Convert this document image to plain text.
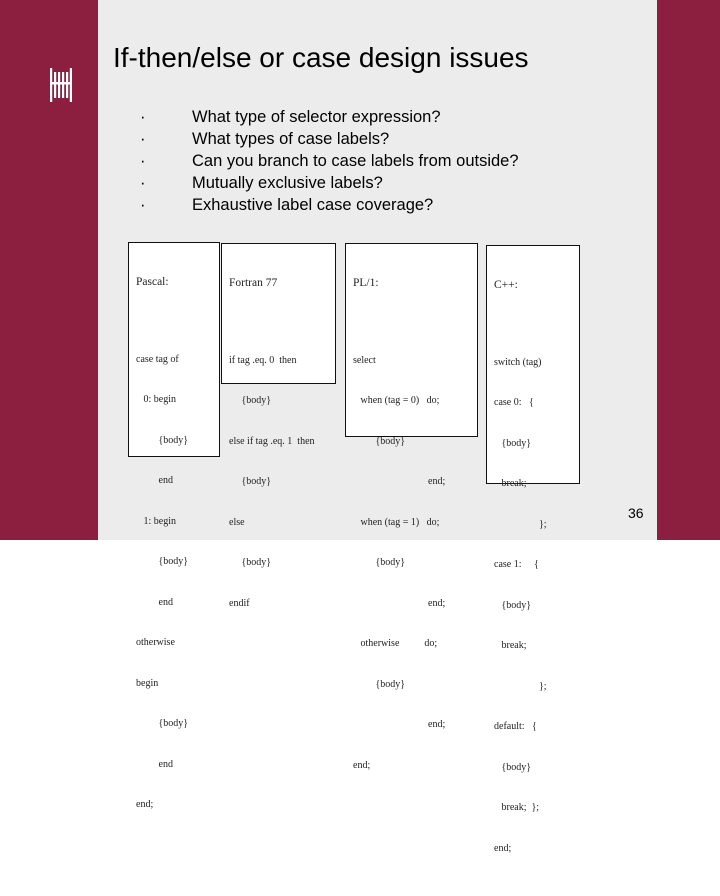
If-then/else or case design issues
·	What type of selector expression?
·	What types of case labels?
·	Can you branch to case labels from outside?
·	Mutually exclusive labels?
·	Exhaustive label case coverage?

Pascal:

case tag of

0: begin

{body}

end

1: begin

{body}

end

otherwise

begin

{body}

end

end;

Fortran 77

if tag .eq. 0  then

{body}

else if tag .eq. 1  then

{body}

else

{body}

endif

PL/1:

select

when (tag = 0)   do;

{body}

end;

when (tag = 1)   do;

{body}

end;

otherwise          do;

{body}

end;

end;

C++:

switch (tag)

case 0:   {

{body}

break;

};

case 1:     {

{body}

break;

};

default:   {

{body}

break;  };

end;

36
